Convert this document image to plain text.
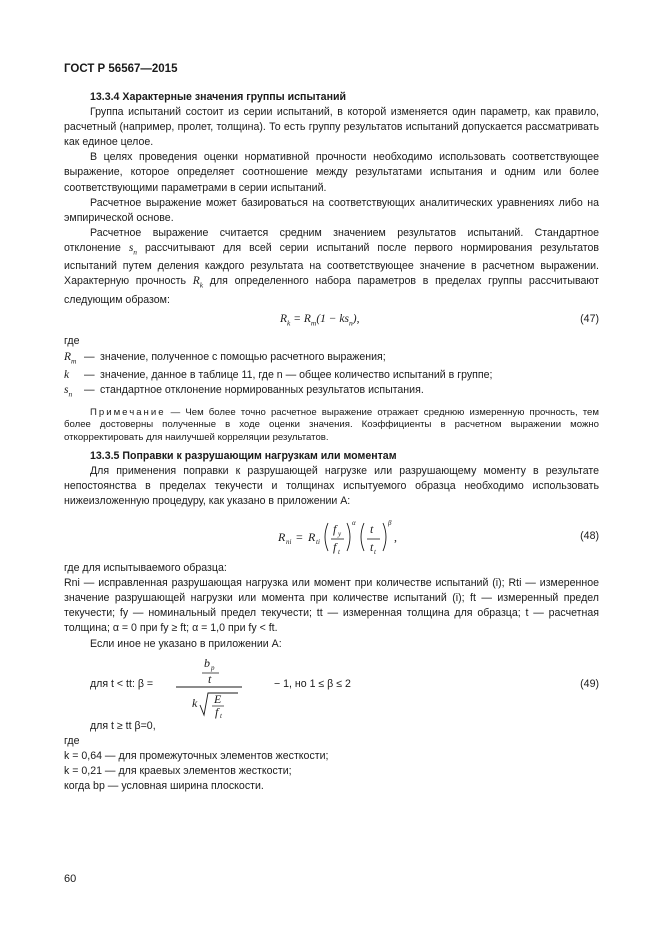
ГОСТ Р 56567—2015

13.3.4 Характерные значения группы испытаний

Группа испытаний состоит из серии испытаний, в которой изменяется один параметр, как правило, расчетный (например, пролет, толщина). То есть группу результатов испытаний допускается рассматривать как единое целое.

В целях проведения оценки нормативной прочности необходимо использовать соответствующее выражение, которое определяет соотношение между результатами испытания и одним или более соответствующими параметрами в серии испытаний.

Расчетное выражение может базироваться на соответствующих аналитических уравнениях либо на эмпирической основе.

Расчетное выражение считается средним значением результатов испытаний. Стандартное отклонение $s_n$ рассчитывают для всей серии испытаний после первого нормирования результатов испытаний путем деления каждого результата на соответствующее значение в расчетном выражении. Характерную прочность $R_k$ для определенного набора параметров в пределах группы рассчитывают следующим образом:

$R_k = R_m(1 - ks_n)$,	(47)

где

$R_m$ — значение, полученное с помощью расчетного выражения;
k	— значение, данное в таблице 11, где n — общее количество испытаний в группе;
$s_n$	— стандартное отклонение нормированных результатов испытания.

Примечание — Чем более точно расчетное выражение отражает среднюю измеренную прочность, тем более достоверны полученные в ходе оценки значения. Коэффициенты в расчетном выражении можно откорректировать для наилучшей корреляции результатов.

13.3.5 Поправки к разрушающим нагрузкам или моментам

Для применения поправки к разрушающей нагрузке или разрушающему моменту в результате непостоянства в пределах текучести и толщинах испытуемого образца необходимо использовать нижеизложенную процедуру, как указано в приложении А:

R ni = R ti
f y
f t
α t
t t
β
,	(48)

где для испытываемого образца:

Rni — исправленная разрушающая нагрузка или момент при количестве испытаний (i); Rti — измеренное значение разрушающей нагрузки или момента при количестве испытаний (i); ft — измеренный предел текучести; fy — номинальный предел текучести; tt — измеренная толщина для образца; t — расчетная толщина; α = 0 при fy ≥ ft; α = 1,0 при fy < ft.

Если иное не указано в приложении А:

для t < tt: β =
b p
t
k E
f t
− 1, но 1 ≤ β ≤ 2	(49)

для t ≥ tt β=0,

где

k = 0,64 — для промежуточных элементов жесткости;

k = 0,21 — для краевых элементов жесткости;

когда bp — условная ширина плоскости.

60
